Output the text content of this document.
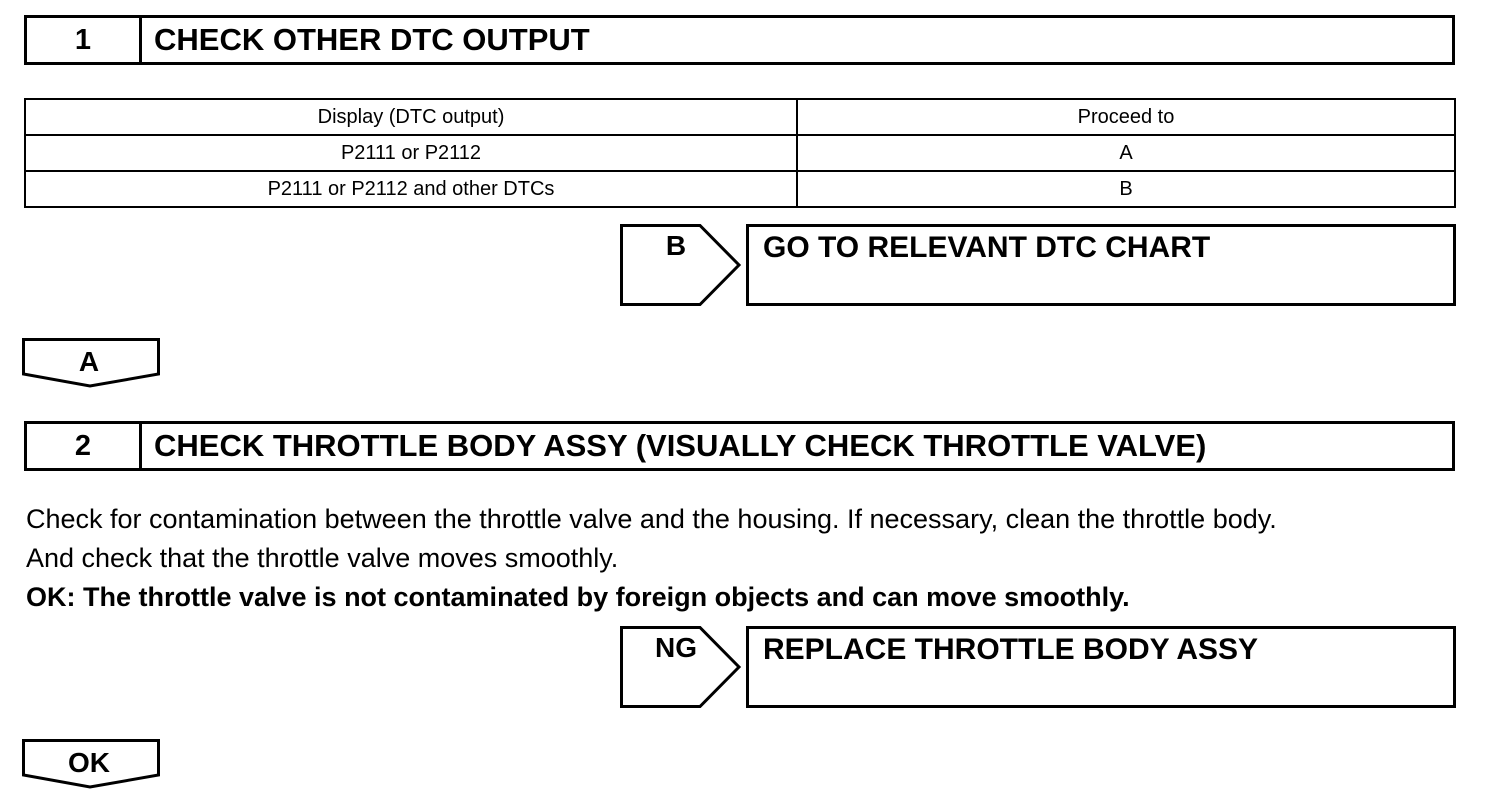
1	CHECK OTHER DTC OUTPUT
Display (DTC output)	Proceed to
P2111 or P2112	A
P2111 or P2112 and other DTCs	B
B	GO TO RELEVANT DTC CHART
A
2	CHECK THROTTLE BODY ASSY (VISUALLY CHECK THROTTLE VALVE)

Check for contamination between the throttle valve and the housing. If necessary, clean the throttle body.

And check that the throttle valve moves smoothly.

OK: The throttle valve is not contaminated by foreign objects and can move smoothly.

NG	REPLACE THROTTLE BODY ASSY
OK
